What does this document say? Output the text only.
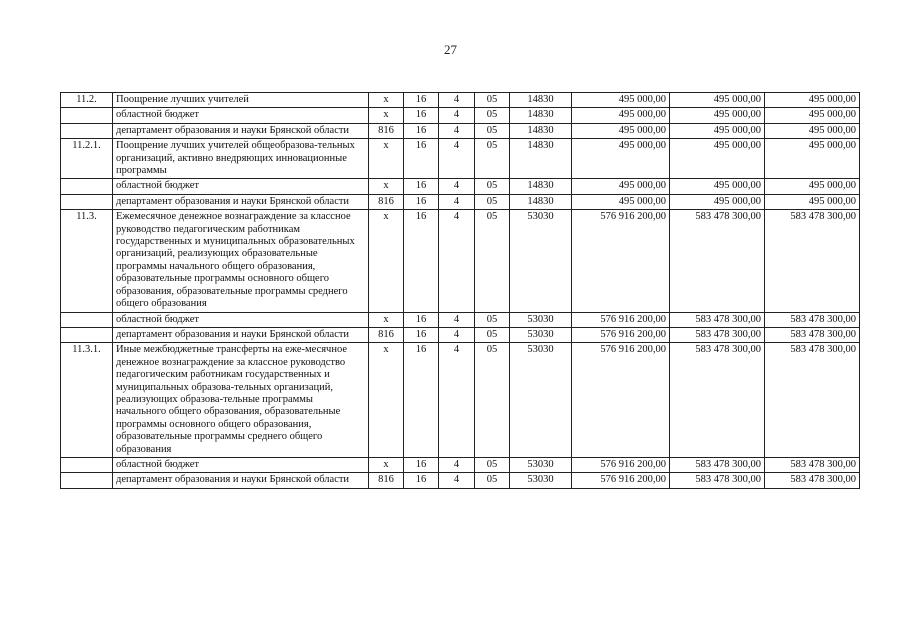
27
11.2.	Поощрение лучших учителей	х	16	4	05	14830	495 000,00	495 000,00	495 000,00
	областной бюджет	х	16	4	05	14830	495 000,00	495 000,00	495 000,00
	департамент образования и науки Брянской области	816	16	4	05	14830	495 000,00	495 000,00	495 000,00
11.2.1.	Поощрение лучших учителей общеобразова-тельных организаций, активно внедряющих инновационные программы	х	16	4	05	14830	495 000,00	495 000,00	495 000,00
	областной бюджет	х	16	4	05	14830	495 000,00	495 000,00	495 000,00
	департамент образования и науки Брянской области	816	16	4	05	14830	495 000,00	495 000,00	495 000,00
11.3.	Ежемесячное денежное вознаграждение за классное руководство педагогическим работникам государственных и муниципальных образовательных организаций, реализующих образовательные программы начального общего образования, образовательные программы основного общего образования, образовательные программы среднего общего образования	х	16	4	05	53030	576 916 200,00	583 478 300,00	583 478 300,00
	областной бюджет	х	16	4	05	53030	576 916 200,00	583 478 300,00	583 478 300,00
	департамент образования и науки Брянской области	816	16	4	05	53030	576 916 200,00	583 478 300,00	583 478 300,00
11.3.1.	Иные межбюджетные трансферты на еже-месячное денежное вознаграждение за классное руководство педагогическим работникам государственных и муниципальных образова-тельных организаций, реализующих образова-тельные программы начального общего образования, образовательные программы основного общего образования, образовательные программы среднего общего образования	х	16	4	05	53030	576 916 200,00	583 478 300,00	583 478 300,00
	областной бюджет	х	16	4	05	53030	576 916 200,00	583 478 300,00	583 478 300,00
	департамент образования и науки Брянской области	816	16	4	05	53030	576 916 200,00	583 478 300,00	583 478 300,00
